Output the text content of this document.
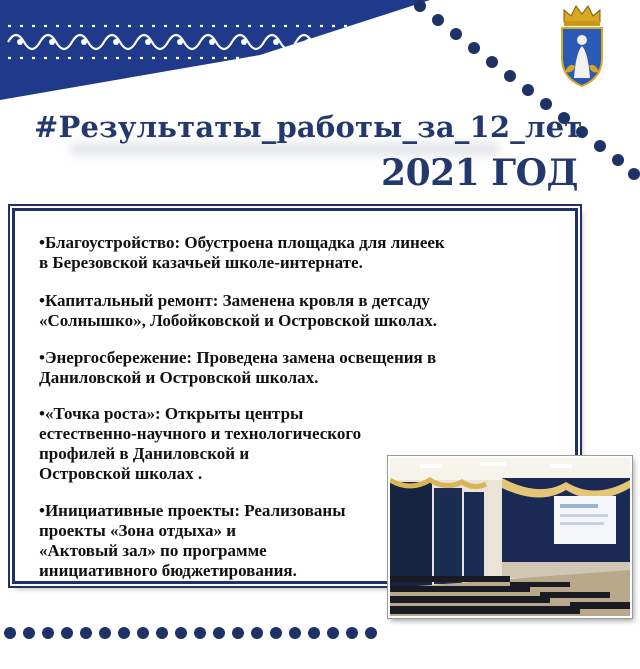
#Результаты_работы_за_12_лет
2021 ГОД
•Благоустройство: Обустроена площадка для линеек
в Березовской казачьей школе-интернате.
•Капитальный ремонт: Заменена кровля в детсаду
«Солнышко», Лобойковской и Островской школах.
•Энергосбережение: Проведена замена освещения в
Даниловской и Островской школах.
•«Точка роста»: Открыты центры
естественно-научного и технологического
профилей в Даниловской и
Островской школах .
•Инициативные проекты: Реализованы
проекты «Зона отдыха» и
«Актовый зал» по программе
инициативного бюджетирования.
